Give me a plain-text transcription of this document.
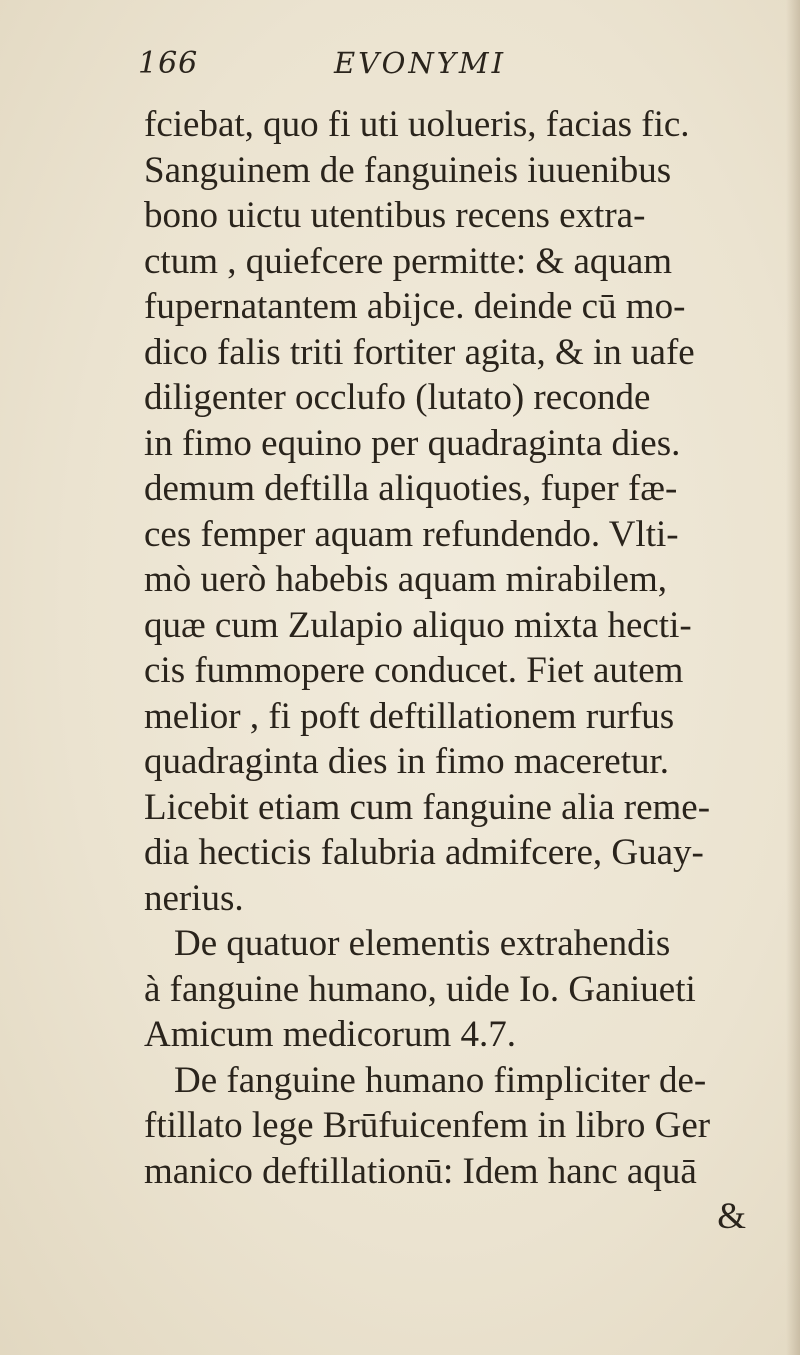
166	EVONYMI
fciebat, quo fi uti uolueris, facias fic.
Sanguinem de fanguineis iuuenibus
bono uictu utentibus recens extra-
ctum , quiefcere permitte: & aquam
fupernatantem abijce. deinde cū mo-
dico falis triti fortiter agita, & in uafe
diligenter occlufo (lutato) reconde
in fimo equino per quadraginta dies.
demum deftilla aliquoties, fuper fæ-
ces femper aquam refundendo. Vlti-
mò uerò habebis aquam mirabilem,
quæ cum Zulapio aliquo mixta hecti-
cis fummopere conducet. Fiet autem
melior , fi poft deftillationem rurfus
quadraginta dies in fimo maceretur.
Licebit etiam cum fanguine alia reme-
dia hecticis falubria admifcere, Guay-
nerius.
De quatuor elementis extrahendis
à fanguine humano, uide Io. Ganiueti
Amicum medicorum 4.7.
De fanguine humano fimpliciter de-
ftillato lege Brūfuicenfem in libro Ger
manico deftillationū: Idem hanc aquā
&
